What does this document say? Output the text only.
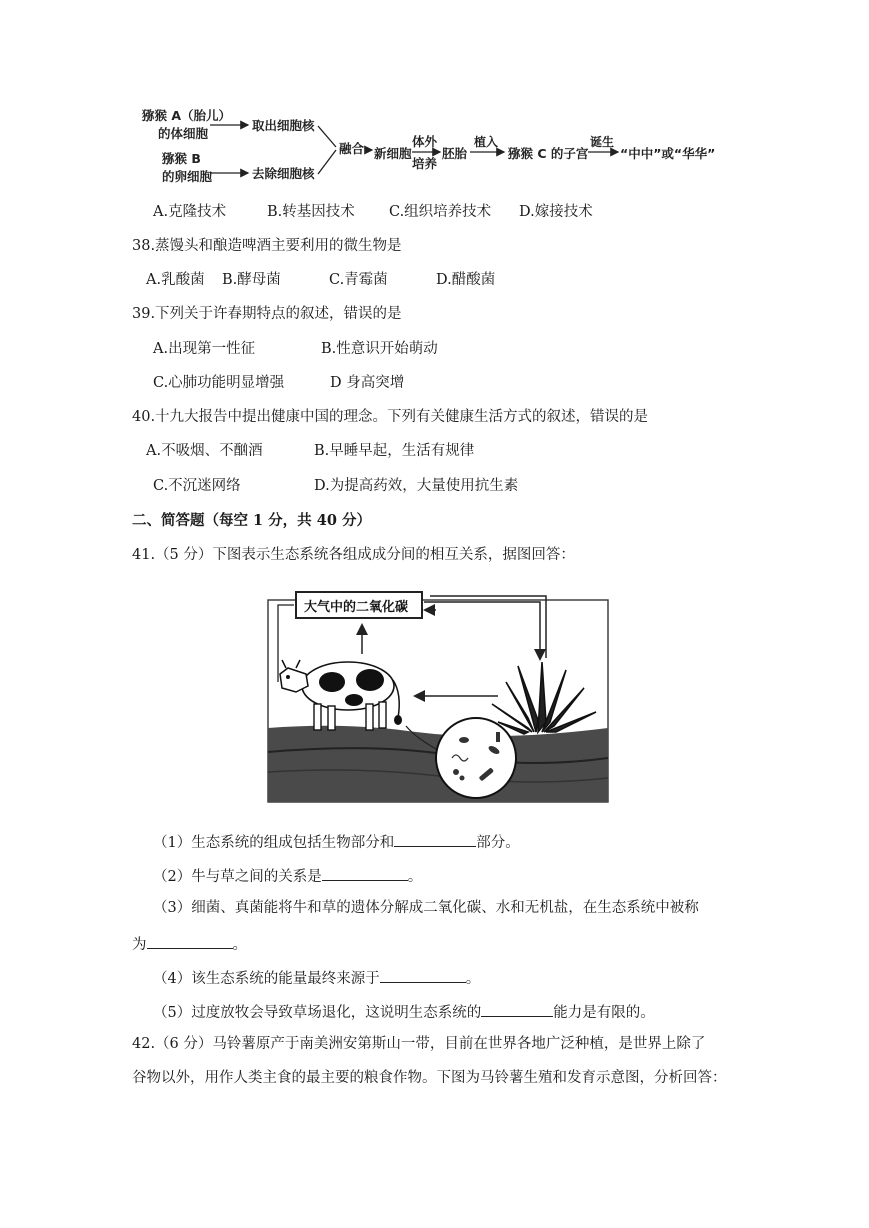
猕猴 A（胎儿）
的体细胞
取出细胞核
猕猴 B
的卵细胞	去除细胞核
融合 新细胞
体外
培养
胚胎
植入
猕猴 C 的子宫
诞生
“中中”或“华华”
A.克隆技术	B.转基因技术 C.组织培养技术 D.嫁接技术
38.蒸馒头和酿造啤酒主要利用的微生物是
A.乳酸菌 B.酵母菌	C.青霉菌	D.醋酸菌
39.下列关于许春期特点的叙述，错误的是
A.出现第一性征	B.性意识开始萌动
C.心肺功能明显增强	D 身高突增
40.十九大报告中提出健康中国的理念。下列有关健康生活方式的叙述，错误的是
A.不吸烟、不酗酒	B.早睡早起，生活有规律
C.不沉迷网络	D.为提高药效，大量使用抗生素
二、简答题（每空 1 分，共 40 分）
41.（5 分）下图表示生态系统各组成成分间的相互关系，据图回答：
大气中的二氧化碳
（1）生态系统的组成包括生物部分和	部分。
（2）牛与草之间的关系是	。
（3）细菌、真菌能将牛和草的遗体分解成二氧化碳、水和无机盐，在生态系统中被称
为	。
（4）该生态系统的能量最终来源于	。
（5）过度放牧会导致草场退化，这说明生态系统的	能力是有限的。
42.（6 分）马铃薯原产于南美洲安第斯山一带，目前在世界各地广泛种植，是世界上除了
谷物以外，用作人类主食的最主要的粮食作物。下图为马铃薯生殖和发育示意图，分析回答：
